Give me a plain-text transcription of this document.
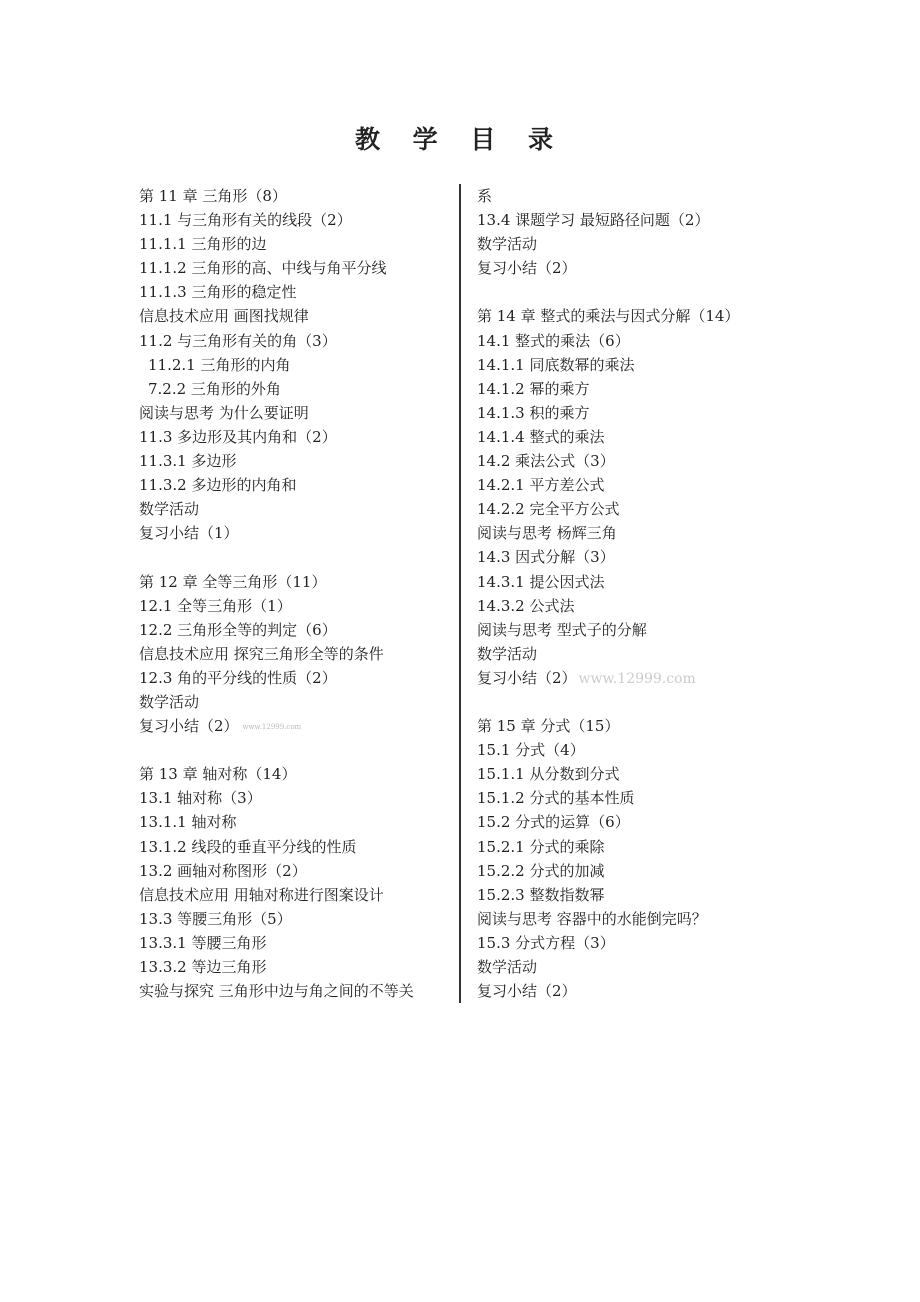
教 学 目 录
第 11 章 三角形（8）
11.1 与三角形有关的线段（2）
11.1.1 三角形的边
11.1.2 三角形的高、中线与角平分线
11.1.3 三角形的稳定性
信息技术应用 画图找规律
11.2 与三角形有关的角（3）
11.2.1 三角形的内角
7.2.2 三角形的外角
阅读与思考 为什么要证明
11.3 多边形及其内角和（2）
11.3.1 多边形
11.3.2 多边形的内角和
数学活动
复习小结（1）
第 12 章 全等三角形（11）
12.1 全等三角形（1）
12.2 三角形全等的判定（6）
信息技术应用 探究三角形全等的条件
12.3 角的平分线的性质（2）
数学活动
复习小结（2） www.12999.com
第 13 章 轴对称（14）
13.1 轴对称（3）
13.1.1 轴对称
13.1.2 线段的垂直平分线的性质
13.2 画轴对称图形（2）
信息技术应用 用轴对称进行图案设计
13.3 等腰三角形（5）
13.3.1 等腰三角形
13.3.2 等边三角形
实验与探究 三角形中边与角之间的不等关
系
13.4 课题学习 最短路径问题（2）
数学活动
复习小结（2）
第 14 章 整式的乘法与因式分解（14）
14.1 整式的乘法（6）
14.1.1 同底数幂的乘法
14.1.2 幂的乘方
14.1.3 积的乘方
14.1.4 整式的乘法
14.2 乘法公式（3）
14.2.1 平方差公式
14.2.2 完全平方公式
阅读与思考 杨辉三角
14.3 因式分解（3）
14.3.1 提公因式法
14.3.2 公式法
阅读与思考 型式子的分解
数学活动
复习小结（2） www.12999.com
第 15 章 分式（15）
15.1 分式（4）
15.1.1 从分数到分式
15.1.2 分式的基本性质
15.2 分式的运算（6）
15.2.1 分式的乘除
15.2.2 分式的加减
15.2.3 整数指数幂
阅读与思考 容器中的水能倒完吗？
15.3 分式方程（3）
数学活动
复习小结（2）
